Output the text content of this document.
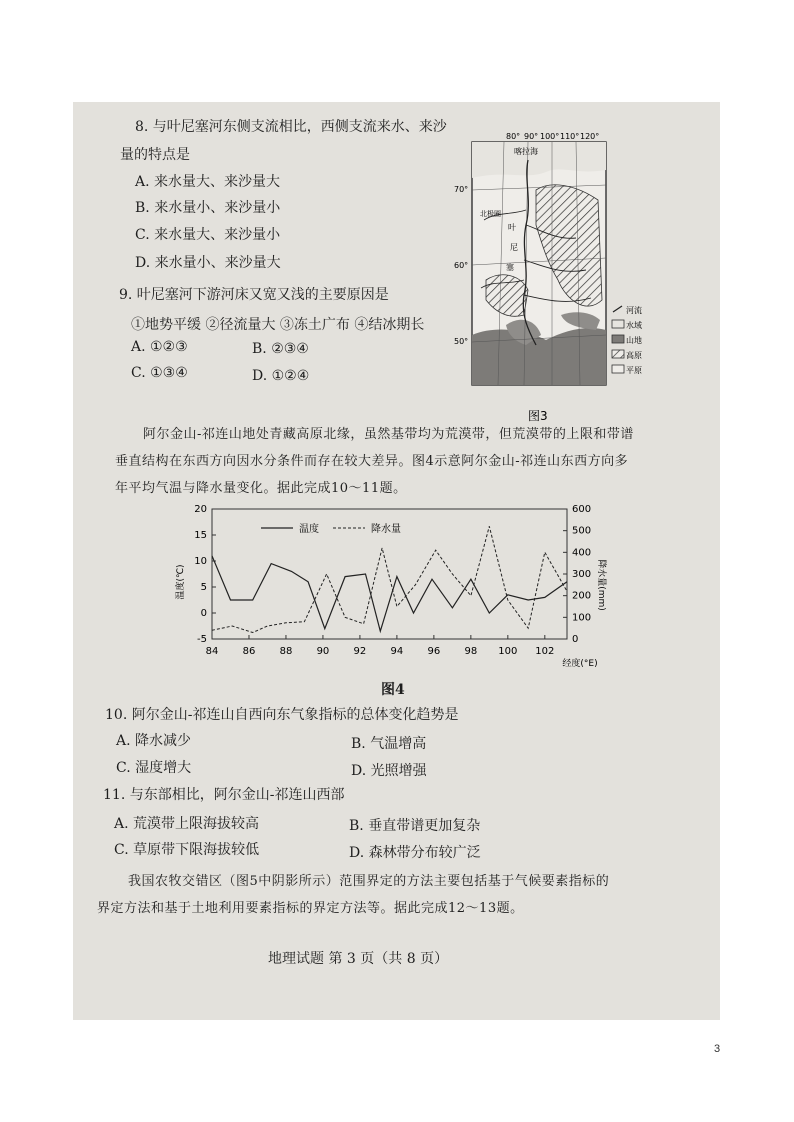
8. 与叶尼塞河东侧支流相比，西侧支流来水、来沙
量的特点是
A. 来水量大、来沙量大
B. 来水量小、来沙量小
C. 来水量大、来沙量小
D. 来水量小、来沙量大
9. 叶尼塞河下游河床又宽又浅的主要原因是
①地势平缓 ②径流量大 ③冻土广布 ④结冰期长
A. ①②③	B. ②③④
C. ①③④	D. ①②④
80° 90° 100° 110° 120°
70°
60°
50°
喀拉海
北极圈
叶
尼
塞
河流
水域
山地
高原
平原
图3
阿尔金山-祁连山地处青藏高原北缘，虽然基带均为荒漠带，但荒漠带的上限和带谱
垂直结构在东西方向因水分条件而存在较大差异。图4示意阿尔金山-祁连山东西方向多
年平均气温与降水量变化。据此完成10～11题。
-5
0
5
10
15
20
0
100
200
300
400
500
600
84 86 88 90 92 94 96 98 100 102
温度(℃)	降水量(mm)
经度(°E)
温度	降水量
图4
10. 阿尔金山-祁连山自西向东气象指标的总体变化趋势是
A. 降水减少	B. 气温增高
C. 湿度增大	D. 光照增强
11. 与东部相比，阿尔金山-祁连山西部
A. 荒漠带上限海拔较高	B. 垂直带谱更加复杂
C. 草原带下限海拔较低	D. 森林带分布较广泛
我国农牧交错区（图5中阴影所示）范围界定的方法主要包括基于气候要素指标的
界定方法和基于土地利用要素指标的界定方法等。据此完成12～13题。
地理试题 第 3 页（共 8 页）
3
